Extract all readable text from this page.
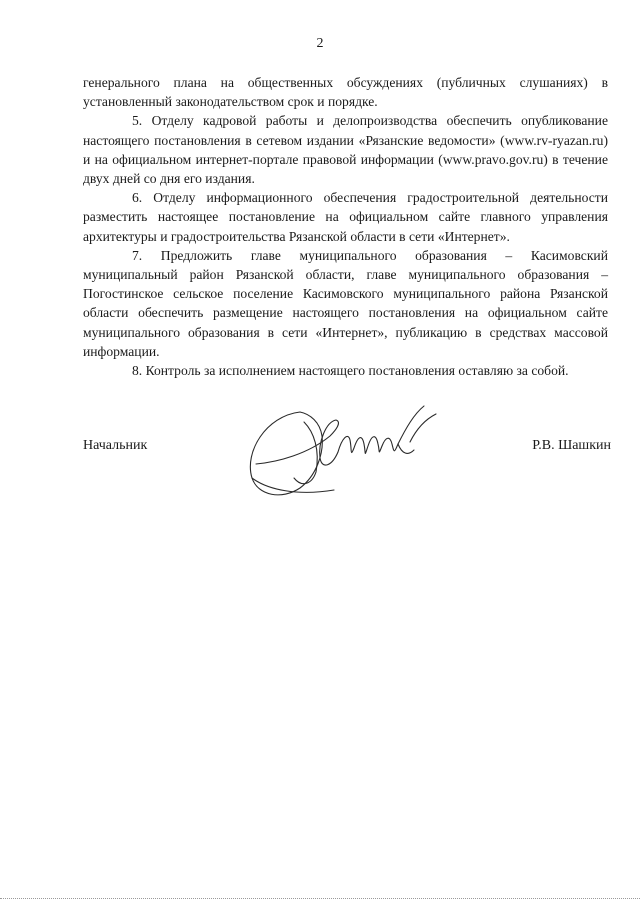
2

генерального плана на общественных обсуждениях (публичных слушаниях) в установленный законодательством срок и порядке.

5. Отделу кадровой работы и делопроизводства обеспечить опубликование настоящего постановления в сетевом издании «Рязанские ведомости» (www.rv-ryazan.ru) и на официальном интернет-портале правовой информации (www.pravo.gov.ru) в течение двух дней со дня его издания.

6. Отделу информационного обеспечения градостроительной деятельности разместить настоящее постановление на официальном сайте главного управления архитектуры и градостроительства Рязанской области в сети «Интернет».

7. Предложить главе муниципального образования – Касимовский муниципальный район Рязанской области, главе муниципального образования – Погостинское сельское поселение Касимовского муниципального района Рязанской области обеспечить размещение настоящего постановления на официальном сайте муниципального образования в сети «Интернет», публикацию в средствах массовой информации.

8. Контроль за исполнением настоящего постановления оставляю за собой.

Начальник	Р.В. Шашкин
